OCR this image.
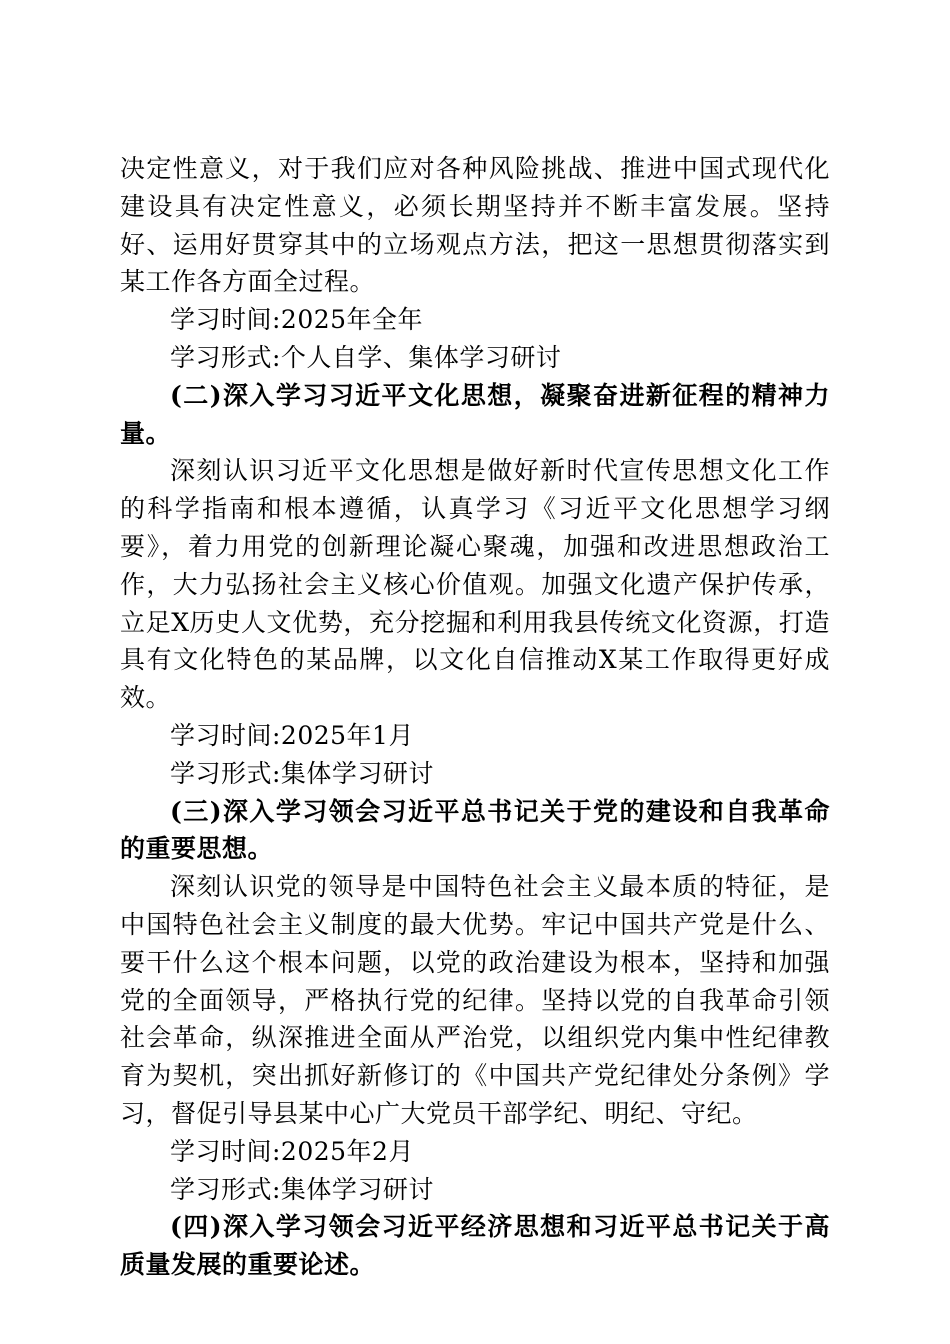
决定性意义，对于我们应对各种风险挑战、推进中国式现代化建设具有决定性意义，必须长期坚持并不断丰富发展。坚持好、运用好贯穿其中的立场观点方法，把这一思想贯彻落实到某工作各方面全过程。

学习时间:2025年全年

学习形式:个人自学、集体学习研讨

(二)深入学习习近平文化思想，凝聚奋进新征程的精神力量。

深刻认识习近平文化思想是做好新时代宣传思想文化工作的科学指南和根本遵循，认真学习《习近平文化思想学习纲要》，着力用党的创新理论凝心聚魂，加强和改进思想政治工作，大力弘扬社会主义核心价值观。加强文化遗产保护传承，立足X历史人文优势，充分挖掘和利用我县传统文化资源，打造具有文化特色的某品牌，以文化自信推动X某工作取得更好成效。

学习时间:2025年1月

学习形式:集体学习研讨

(三)深入学习领会习近平总书记关于党的建设和自我革命的重要思想。

深刻认识党的领导是中国特色社会主义最本质的特征，是中国特色社会主义制度的最大优势。牢记中国共产党是什么、要干什么这个根本问题，以党的政治建设为根本，坚持和加强党的全面领导，严格执行党的纪律。坚持以党的自我革命引领社会革命，纵深推进全面从严治党，以组织党内集中性纪律教育为契机，突出抓好新修订的《中国共产党纪律处分条例》学习，督促引导县某中心广大党员干部学纪、明纪、守纪。

学习时间:2025年2月

学习形式:集体学习研讨

(四)深入学习领会习近平经济思想和习近平总书记关于高质量发展的重要论述。
